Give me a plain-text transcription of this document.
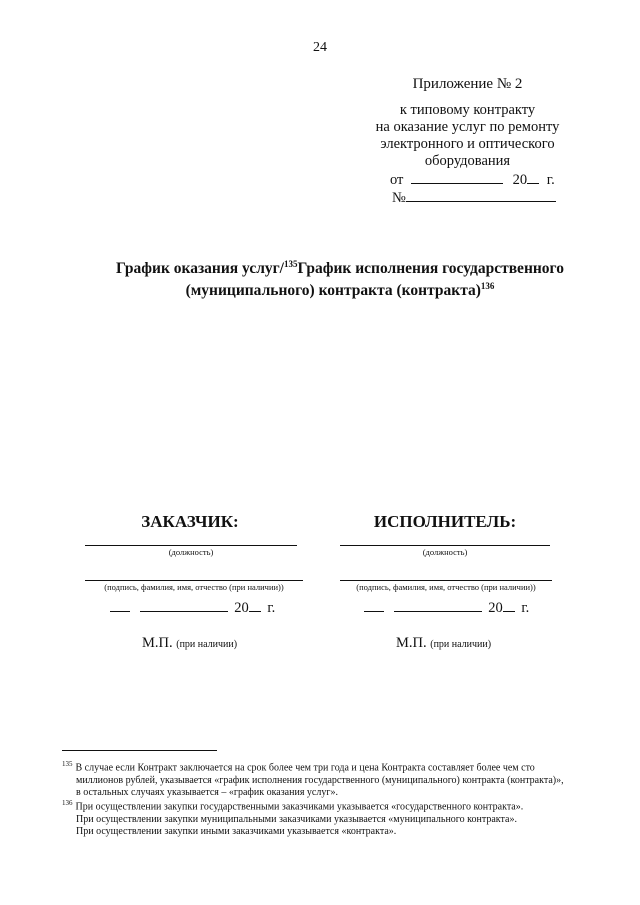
24
Приложение № 2
к типовому контракту
на оказание услуг по ремонту
электронного и оптического
оборудования
от	20 г.
№
График оказания услуг/$^{135}$График исполнения государственного
(муниципального) контракта (контракта)$^{136}$
ЗАКАЗЧИК:
(должность)
(подпись, фамилия, имя, отчество (при наличии))
20 г.
М.П. (при наличии)
ИСПОЛНИТЕЛЬ:
(должность)
(подпись, фамилия, имя, отчество (при наличии))
20 г.
М.П. (при наличии)
$^{135}$ В случае если Контракт заключается на срок более чем три года и цена Контракта составляет более чем сто
миллионов рублей, указывается «график исполнения государственного (муниципального) контракта (контракта)»,
в остальных случаях указывается – «график оказания услуг».
$^{136}$ При осуществлении закупки государственными заказчиками указывается «государственного контракта».
При осуществлении закупки муниципальными заказчиками указывается «муниципального контракта».
При осуществлении закупки иными заказчиками указывается «контракта».
